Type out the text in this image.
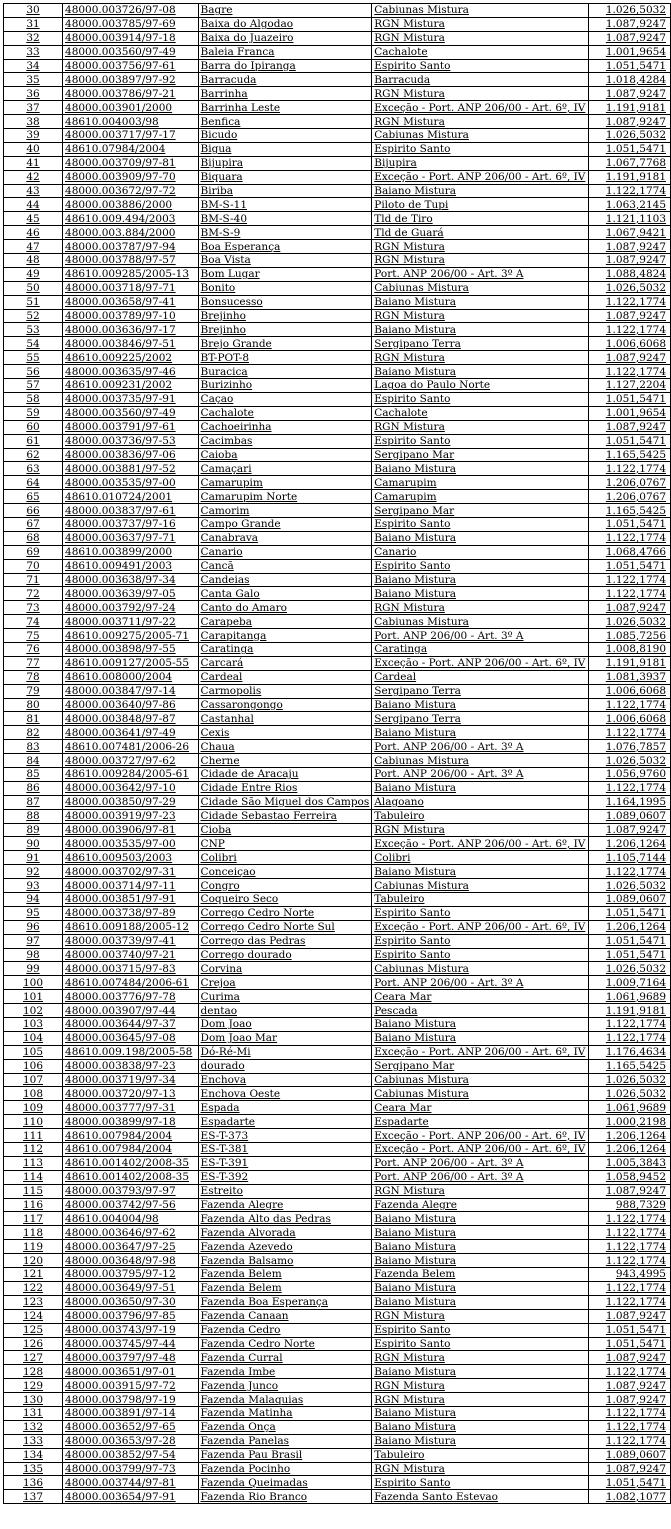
30	48000.003726/97-08	Bagre	Cabiunas Mistura	1.026,5032
31	48000.003785/97-69	Baixa do Algodao	RGN Mistura	1.087,9247
32	48000.003914/97-18	Baixa do Juazeiro	RGN Mistura	1.087,9247
33	48000.003560/97-49	Baleia Franca	Cachalote	1.001,9654
34	48000.003756/97-61	Barra do Ipiranga	Espirito Santo	1.051,5471
35	48000.003897/97-92	Barracuda	Barracuda	1.018,4284
36	48000.003786/97-21	Barrinha	RGN Mistura	1.087,9247
37	48000.003901/2000	Barrinha Leste	Exceção - Port. ANP 206/00 - Art. 6º, IV	1.191,9181
38	48610.004003/98	Benfica	RGN Mistura	1.087,9247
39	48000.003717/97-17	Bicudo	Cabiunas Mistura	1.026,5032
40	48610.07984/2004	Bigua	Espirito Santo	1.051,5471
41	48000.003709/97-81	Bijupira	Bijupira	1.067,7768
42	48000.003909/97-70	Biquara	Exceção - Port. ANP 206/00 - Art. 6º, IV	1.191,9181
43	48000.003672/97-72	Biriba	Baiano Mistura	1.122,1774
44	48000.003886/2000	BM-S-11	Piloto de Tupi	1.063,2145
45	48610.009.494/2003	BM-S-40	Tld de Tiro	1.121,1103
46	48000.003.884/2000	BM-S-9	Tld de Guará	1.067,9421
47	48000.003787/97-94	Boa Esperança	RGN Mistura	1.087,9247
48	48000.003788/97-57	Boa Vista	RGN Mistura	1.087,9247
49	48610.009285/2005-13	Bom Lugar	Port. ANP 206/00 - Art. 3º A	1.088,4824
50	48000.003718/97-71	Bonito	Cabiunas Mistura	1.026,5032
51	48000.003658/97-41	Bonsucesso	Baiano Mistura	1.122,1774
52	48000.003789/97-10	Brejinho	RGN Mistura	1.087,9247
53	48000.003636/97-17	Brejinho	Baiano Mistura	1.122,1774
54	48000.003846/97-51	Brejo Grande	Sergipano Terra	1.006,6068
55	48610.009225/2002	BT-POT-8	RGN Mistura	1.087,9247
56	48000.003635/97-46	Buracica	Baiano Mistura	1.122,1774
57	48610.009231/2002	Burizinho	Lagoa do Paulo Norte	1.127,2204
58	48000.003735/97-91	Caçao	Espirito Santo	1.051,5471
59	48000.003560/97-49	Cachalote	Cachalote	1.001,9654
60	48000.003791/97-61	Cachoeirinha	RGN Mistura	1.087,9247
61	48000.003736/97-53	Cacimbas	Espirito Santo	1.051,5471
62	48000.003836/97-06	Caioba	Sergipano Mar	1.165,5425
63	48000.003881/97-52	Camaçari	Baiano Mistura	1.122,1774
64	48000.003535/97-00	Camarupim	Camarupim	1.206,0767
65	48610.010724/2001	Camarupim Norte	Camarupim	1.206,0767
66	48000.003837/97-61	Camorim	Sergipano Mar	1.165,5425
67	48000.003737/97-16	Campo Grande	Espirito Santo	1.051,5471
68	48000.003637/97-71	Canabrava	Baiano Mistura	1.122,1774
69	48610.003899/2000	Canario	Canario	1.068,4766
70	48610.009491/2003	Cancã	Espirito Santo	1.051,5471
71	48000.003638/97-34	Candeias	Baiano Mistura	1.122,1774
72	48000.003639/97-05	Canta Galo	Baiano Mistura	1.122,1774
73	48000.003792/97-24	Canto do Amaro	RGN Mistura	1.087,9247
74	48000.003711/97-22	Carapeba	Cabiunas Mistura	1.026,5032
75	48610.009275/2005-71	Carapitanga	Port. ANP 206/00 - Art. 3º A	1.085,7256
76	48000.003898/97-55	Caratinga	Caratinga	1.008,8190
77	48610.009127/2005-55	Carcará	Exceção - Port. ANP 206/00 - Art. 6º, IV	1.191,9181
78	48610.008000/2004	Cardeal	Cardeal	1.081,3937
79	48000.003847/97-14	Carmopolis	Sergipano Terra	1.006,6068
80	48000.003640/97-86	Cassarongongo	Baiano Mistura	1.122,1774
81	48000.003848/97-87	Castanhal	Sergipano Terra	1.006,6068
82	48000.003641/97-49	Cexis	Baiano Mistura	1.122,1774
83	48610.007481/2006-26	Chaua	Port. ANP 206/00 - Art. 3º A	1.076,7857
84	48000.003727/97-62	Cherne	Cabiunas Mistura	1.026,5032
85	48610.009284/2005-61	Cidade de Aracaju	Port. ANP 206/00 - Art. 3º A	1.056,9760
86	48000.003642/97-10	Cidade Entre Rios	Baiano Mistura	1.122,1774
87	48000.003850/97-29	Cidade São Miguel dos Campos	Alagoano	1.164,1995
88	48000.003919/97-23	Cidade Sebastao Ferreira	Tabuleiro	1.089,0607
89	48000.003906/97-81	Cioba	RGN Mistura	1.087,9247
90	48000.003535/97-00	CNP	Exceção - Port. ANP 206/00 - Art. 6º, IV	1.206,1264
91	48610.009503/2003	Colibri	Colibri	1.105,7144
92	48000.003702/97-31	Conceiçao	Baiano Mistura	1.122,1774
93	48000.003714/97-11	Congro	Cabiunas Mistura	1.026,5032
94	48000.003851/97-91	Coqueiro Seco	Tabuleiro	1.089,0607
95	48000.003738/97-89	Corrego Cedro Norte	Espirito Santo	1.051,5471
96	48610.009188/2005-12	Corrego Cedro Norte Sul	Exceção - Port. ANP 206/00 - Art. 6º, IV	1.206,1264
97	48000.003739/97-41	Corrego das Pedras	Espirito Santo	1.051,5471
98	48000.003740/97-21	Corrego dourado	Espirito Santo	1.051,5471
99	48000.003715/97-83	Corvina	Cabiunas Mistura	1.026,5032
100	48610.007484/2006-61	Crejoa	Port. ANP 206/00 - Art. 3º A	1.009,7164
101	48000.003776/97-78	Curima	Ceara Mar	1.061,9689
102	48000.003907/97-44	dentao	Pescada	1.191,9181
103	48000.003644/97-37	Dom Joao	Baiano Mistura	1.122,1774
104	48000.003645/97-08	Dom Joao Mar	Baiano Mistura	1.122,1774
105	48610.009.198/2005-58	Dó-Ré-Mi	Exceção - Port. ANP 206/00 - Art. 6º, IV	1.176,4634
106	48000.003838/97-23	dourado	Sergipano Mar	1.165,5425
107	48000.003719/97-34	Enchova	Cabiunas Mistura	1.026,5032
108	48000.003720/97-13	Enchova Oeste	Cabiunas Mistura	1.026,5032
109	48000.003777/97-31	Espada	Ceara Mar	1.061,9689
110	48000.003899/97-18	Espadarte	Espadarte	1.000,2198
111	48610.007984/2004	ES-T-373	Exceção - Port. ANP 206/00 - Art. 6º, IV	1.206,1264
112	48610.007984/2004	ES-T-381	Exceção - Port. ANP 206/00 - Art. 6º, IV	1.206,1264
113	48610.001402/2008-35	ES-T-391	Port. ANP 206/00 - Art. 3º A	1.005,3843
114	48610.001402/2008-35	ES-T-392	Port. ANP 206/00 - Art. 3º A	1.058,9452
115	48000.003793/97-97	Estreito	RGN Mistura	1.087,9247
116	48000.003742/97-56	Fazenda Alegre	Fazenda Alegre	988,7329
117	48610.004004/98	Fazenda Alto das Pedras	Baiano Mistura	1.122,1774
118	48000.003646/97-62	Fazenda Alvorada	Baiano Mistura	1.122,1774
119	48000.003647/97-25	Fazenda Azevedo	Baiano Mistura	1.122,1774
120	48000.003648/97-98	Fazenda Balsamo	Baiano Mistura	1.122,1774
121	48000.003795/97-12	Fazenda Belem	Fazenda Belem	943,4995
122	48000.003649/97-51	Fazenda Belem	Baiano Mistura	1.122,1774
123	48000.003650/97-30	Fazenda Boa Esperança	Baiano Mistura	1.122,1774
124	48000.003796/97-85	Fazenda Canaan	RGN Mistura	1.087,9247
125	48000.003743/97-19	Fazenda Cedro	Espirito Santo	1.051,5471
126	48000.003745/97-44	Fazenda Cedro Norte	Espirito Santo	1.051,5471
127	48000.003797/97-48	Fazenda Curral	RGN Mistura	1.087,9247
128	48000.003651/97-01	Fazenda Imbe	Baiano Mistura	1.122,1774
129	48000.003915/97-72	Fazenda Junco	RGN Mistura	1.087,9247
130	48000.003798/97-19	Fazenda Malaquias	RGN Mistura	1.087,9247
131	48000.003891/97-14	Fazenda Matinha	Baiano Mistura	1.122,1774
132	48000.003652/97-65	Fazenda Onça	Baiano Mistura	1.122,1774
133	48000.003653/97-28	Fazenda Panelas	Baiano Mistura	1.122,1774
134	48000.003852/97-54	Fazenda Pau Brasil	Tabuleiro	1.089,0607
135	48000.003799/97-73	Fazenda Pocinho	RGN Mistura	1.087,9247
136	48000.003744/97-81	Fazenda Queimadas	Espirito Santo	1.051,5471
137	48000.003654/97-91	Fazenda Rio Branco	Fazenda Santo Estevao	1.082,1077
